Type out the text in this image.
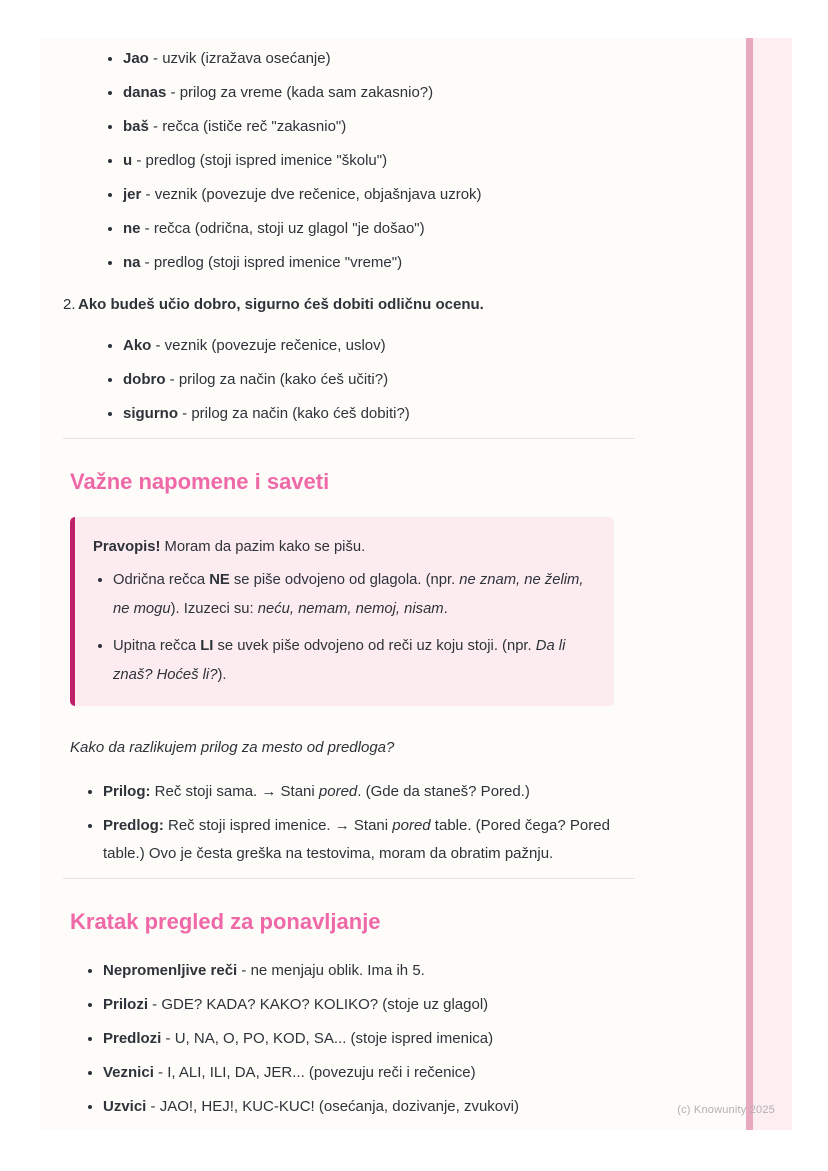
• Jao - uzvik (izražava osećanje)
• danas - prilog za vreme (kada sam zakasnio?)
• baš - rečca (ističe reč "zakasnio")
• u - predlog (stoji ispred imenice "školu")
• jer - veznik (povezuje dve rečenice, objašnjava uzrok)
• ne - rečca (odrična, stoji uz glagol "je došao")
• na - predlog (stoji ispred imenice "vreme")
2. Ako budeš učio dobro, sigurno ćeš dobiti odličnu ocenu.
• Ako - veznik (povezuje rečenice, uslov)
• dobro - prilog za način (kako ćeš učiti?)
• sigurno - prilog za način (kako ćeš dobiti?)
Važne napomene i saveti

Pravopis! Moram da pazim kako se pišu.

• Odrična rečca NE se piše odvojeno od glagola. (npr. ne znam, ne želim, ne mogu). Izuzeci su: neću, nemam, nemoj, nisam.
• Upitna rečca LI se uvek piše odvojeno od reči uz koju stoji. (npr. Da li znaš? Hoćeš li?).

Kako da razlikujem prilog za mesto od predloga?

• Prilog: Reč stoji sama. → Stani pored. (Gde da staneš? Pored.)
• Predlog: Reč stoji ispred imenice. → Stani pored table. (Pored čega? Pored table.) Ovo je česta greška na testovima, moram da obratim pažnju.
Kratak pregled za ponavljanje
• Nepromenljive reči - ne menjaju oblik. Ima ih 5.
• Prilozi - GDE? KADA? KAKO? KOLIKO? (stoje uz glagol)
• Predlozi - U, NA, O, PO, KOD, SA... (stoje ispred imenica)
• Veznici - I, ALI, ILI, DA, JER... (povezuju reči i rečenice)
• Uzvici - JAO!, HEJ!, KUC-KUC! (osećanja, dozivanje, zvukovi)	(c) Knowunity 2025
